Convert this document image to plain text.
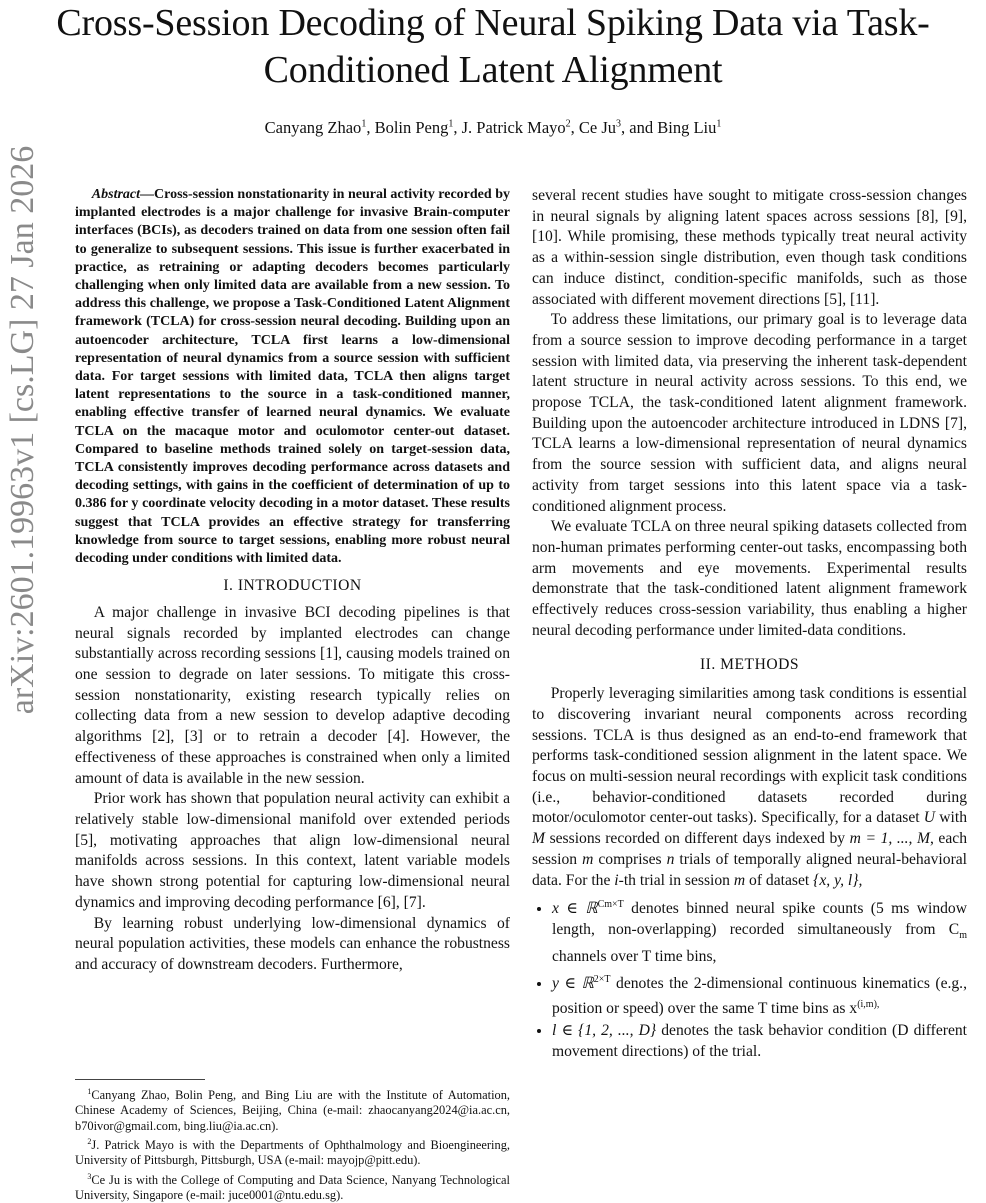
Cross-Session Decoding of Neural Spiking Data via Task-Conditioned Latent Alignment
Canyang Zhao$^1$, Bolin Peng$^1$, J. Patrick Mayo$^2$, Ce Ju$^3$, and Bing Liu$^1$
arXiv:2601.19963v1 [cs.LG] 27 Jan 2026	Abstract—Cross-session nonstationarity in neural activity recorded by implanted electrodes is a major challenge for invasive Brain-computer interfaces (BCIs), as decoders trained on data from one session often fail to generalize to subsequent sessions. This issue is further exacerbated in practice, as retraining or adapting decoders becomes particularly challenging when only limited data are available from a new session. To address this challenge, we propose a Task-Conditioned Latent Alignment framework (TCLA) for cross-session neural decoding. Building upon an autoencoder architecture, TCLA first learns a low-dimensional representation of neural dynamics from a source session with sufficient data. For target sessions with limited data, TCLA then aligns target latent representations to the source in a task-conditioned manner, enabling effective transfer of learned neural dynamics. We evaluate TCLA on the macaque motor and oculomotor center-out dataset. Compared to baseline methods trained solely on target-session data, TCLA consistently improves decoding performance across datasets and decoding settings, with gains in the coefficient of determination of up to 0.386 for y coordinate velocity decoding in a motor dataset. These results suggest that TCLA provides an effective strategy for transferring knowledge from source to target sessions, enabling more robust neural decoding under conditions with limited data.

I. INTRODUCTION

A major challenge in invasive BCI decoding pipelines is that neural signals recorded by implanted electrodes can change substantially across recording sessions [1], causing models trained on one session to degrade on later sessions. To mitigate this cross-session nonstationarity, existing research typically relies on collecting data from a new session to develop adaptive decoding algorithms [2], [3] or to retrain a decoder [4]. However, the effectiveness of these approaches is constrained when only a limited amount of data is available in the new session.

Prior work has shown that population neural activity can exhibit a relatively stable low-dimensional manifold over extended periods [5], motivating approaches that align low-dimensional neural manifolds across sessions. In this context, latent variable models have shown strong potential for capturing low-dimensional neural dynamics and improving decoding performance [6], [7].

By learning robust underlying low-dimensional dynamics of neural population activities, these models can enhance the robustness and accuracy of downstream decoders. Furthermore,

$^1$Canyang Zhao, Bolin Peng, and Bing Liu are with the Institute of Automation, Chinese Academy of Sciences, Beijing, China (e-mail: zhaocanyang2024@ia.ac.cn, b70ivor@gmail.com, bing.liu@ia.ac.cn).

$^2$J. Patrick Mayo is with the Departments of Ophthalmology and Bioengineering, University of Pittsburgh, Pittsburgh, USA (e-mail: mayojp@pitt.edu).

$^3$Ce Ju is with the College of Computing and Data Science, Nanyang Technological University, Singapore (e-mail: juce0001@ntu.edu.sg).

several recent studies have sought to mitigate cross-session changes in neural signals by aligning latent spaces across sessions [8], [9], [10]. While promising, these methods typically treat neural activity as a within-session single distribution, even though task conditions can induce distinct, condition-specific manifolds, such as those associated with different movement directions [5], [11].

To address these limitations, our primary goal is to leverage data from a source session to improve decoding performance in a target session with limited data, via preserving the inherent task-dependent latent structure in neural activity across sessions. To this end, we propose TCLA, the task-conditioned latent alignment framework. Building upon the autoencoder architecture introduced in LDNS [7], TCLA learns a low-dimensional representation of neural dynamics from the source session with sufficient data, and aligns neural activity from target sessions into this latent space via a task-conditioned alignment process.

We evaluate TCLA on three neural spiking datasets collected from non-human primates performing center-out tasks, encompassing both arm movements and eye movements. Experimental results demonstrate that the task-conditioned latent alignment framework effectively reduces cross-session variability, thus enabling a higher neural decoding performance under limited-data conditions.

II. METHODS

Properly leveraging similarities among task conditions is essential to discovering invariant neural components across recording sessions. TCLA is thus designed as an end-to-end framework that performs task-conditioned session alignment in the latent space. We focus on multi-session neural recordings with explicit task conditions (i.e., behavior-conditioned datasets recorded during motor/oculomotor center-out tasks). Specifically, for a dataset U with M sessions recorded on different days indexed by m = 1, ..., M, each session m comprises n trials of temporally aligned neural-behavioral data. For the i-th trial in session m of dataset {x, y, l},

• x ∈ ℝ$^{Cm\times T}$ denotes binned neural spike counts (5 ms window length, non-overlapping) recorded simultaneously from $C_m$ channels over T time bins,
• y ∈ ℝ$^{2\times T}$ denotes the 2-dimensional continuous kinematics (e.g., position or speed) over the same T time bins as $x^{(i,m),}$
• l ∈ {1, 2, ..., D} denotes the task behavior condition (D different movement directions) of the trial.
